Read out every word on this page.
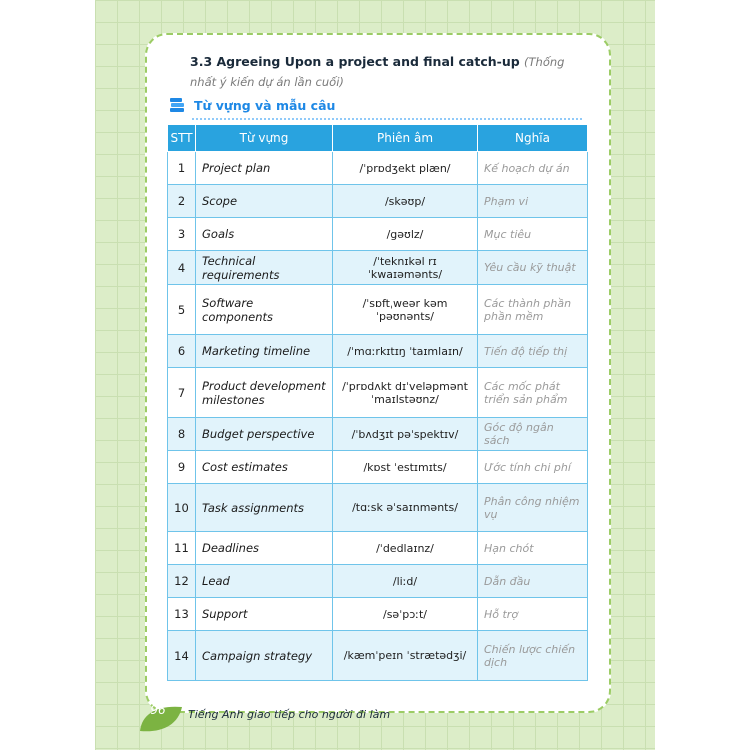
3.3 Agreeing Upon a project and final catch-up (Thống nhất ý kiến dự án lần cuối)
Từ vựng và mẫu câu
STT	Từ vựng	Phiên âm	Nghĩa
1	Project plan	/ˈprɒdʒekt plæn/	Kế hoạch dự án
2	Scope	/skəʊp/	Phạm vi
3	Goals	/gəʊlz/	Mục tiêu
4	Technical requirements	/ˈteknɪkəl rɪˈkwaɪəmənts/	Yêu cầu kỹ thuật
5	Software components	/ˈsɒftˌweər kəmˈpəʊnənts/	Các thành phần phần mềm
6	Marketing timeline	/ˈmɑːrkɪtɪŋ ˈtaɪmlaɪn/	Tiến độ tiếp thị
7	Product development milestones	/ˈprɒdʌkt dɪˈveləpmənt ˈmaɪlstəʊnz/	Các mốc phát triển sản phẩm
8	Budget perspective	/ˈbʌdʒɪt pəˈspektɪv/	Góc độ ngân sách
9	Cost estimates	/kɒst ˈestɪmɪts/	Ước tính chi phí
10	Task assignments	/tɑːsk əˈsaɪnmənts/	Phân công nhiệm vụ
11	Deadlines	/ˈdedlaɪnz/	Hạn chót
12	Lead	/liːd/	Dẫn đầu
13	Support	/səˈpɔːt/	Hỗ trợ
14	Campaign strategy	/kæmˈpeɪn ˈstrætədʒi/	Chiến lược chiến dịch
96	Tiếng Anh giao tiếp cho người đi làm
